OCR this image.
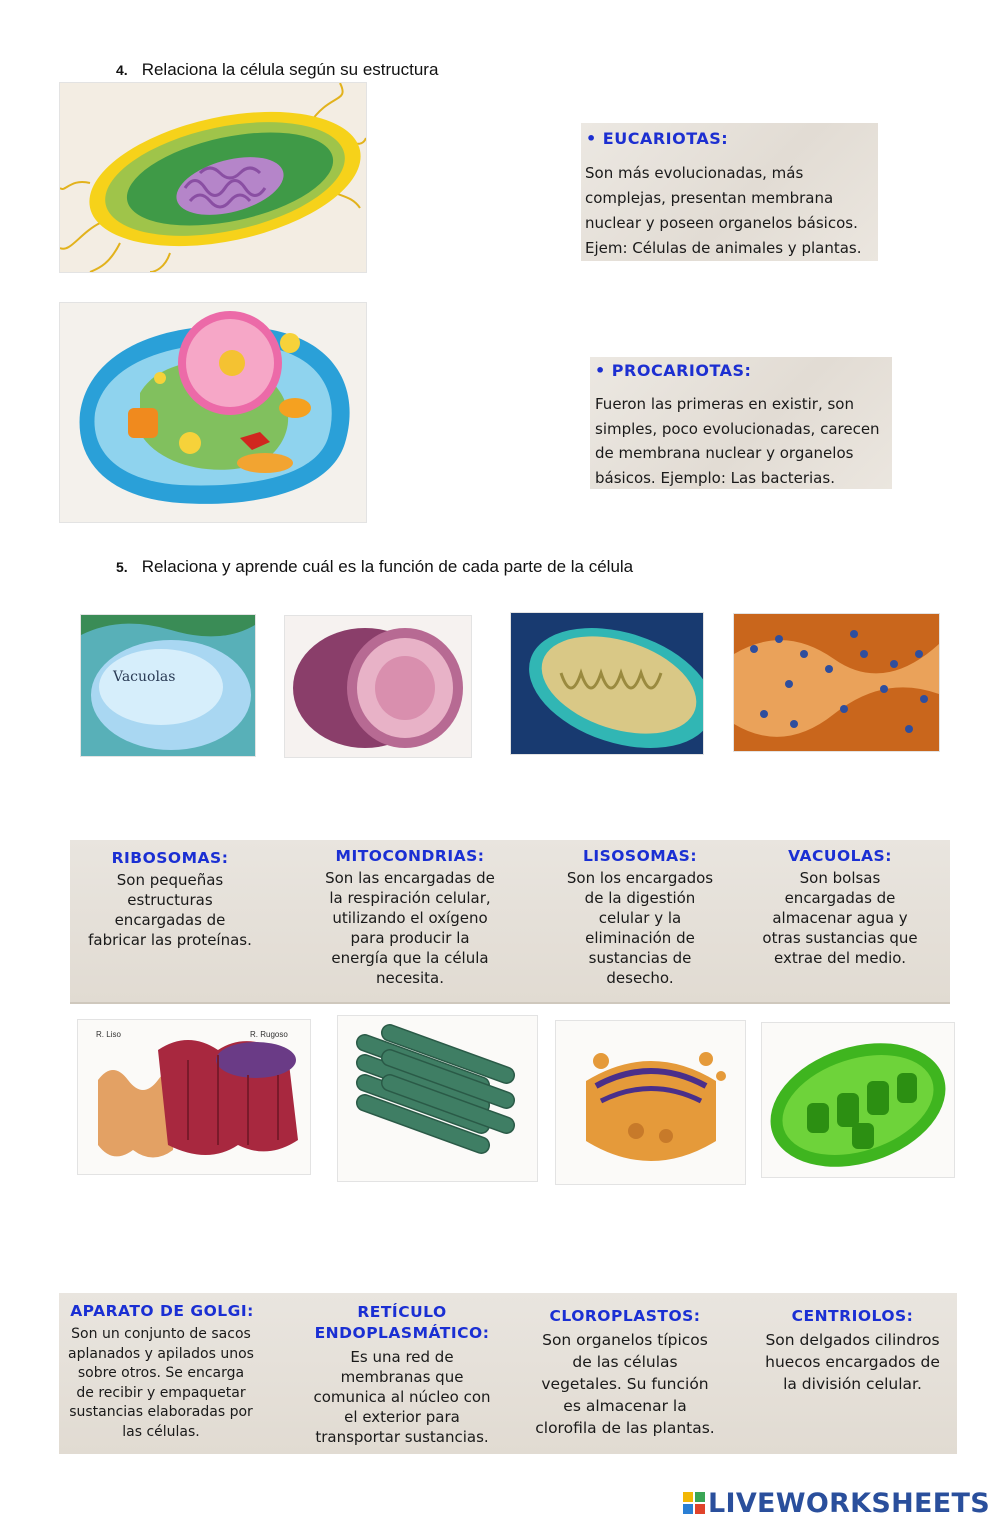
4. Relaciona la célula según su estructura
• EUCARIOTAS:
Son más evolucionadas, más
complejas, presentan membrana
nuclear y poseen organelos básicos.
Ejem: Células de animales y plantas.
• PROCARIOTAS:
Fueron las primeras en existir, son
simples, poco evolucionadas, carecen
de membrana nuclear y organelos
básicos. Ejemplo: Las bacterias.
5. Relaciona y aprende cuál es la función de cada parte de la célula
Vacuolas
RIBOSOMAS:
Son pequeñas
estructuras
encargadas de
fabricar las proteínas.
MITOCONDRIAS:
Son las encargadas de
la respiración celular,
utilizando el oxígeno
para producir la
energía que la célula
necesita.
LISOSOMAS:
Son los encargados
de la digestión
celular y la
eliminación de
sustancias de
desecho.
VACUOLAS:
Son bolsas
encargadas de
almacenar agua y
otras sustancias que
extrae del medio.
R. Liso	R. Rugoso
APARATO DE GOLGI:
Son un conjunto de sacos
aplanados y apilados unos
sobre otros. Se encarga
de recibir y empaquetar
sustancias elaboradas por
las células.
RETÍCULO
ENDOPLASMÁTICO:
Es una red de
membranas que
comunica al núcleo con
el exterior para
transportar sustancias.
CLOROPLASTOS:
Son organelos típicos
de las células
vegetales. Su función
es almacenar la
clorofila de las plantas.
CENTRIOLOS:
Son delgados cilindros
huecos encargados de
la división celular.
LIVEWORKSHEETS
